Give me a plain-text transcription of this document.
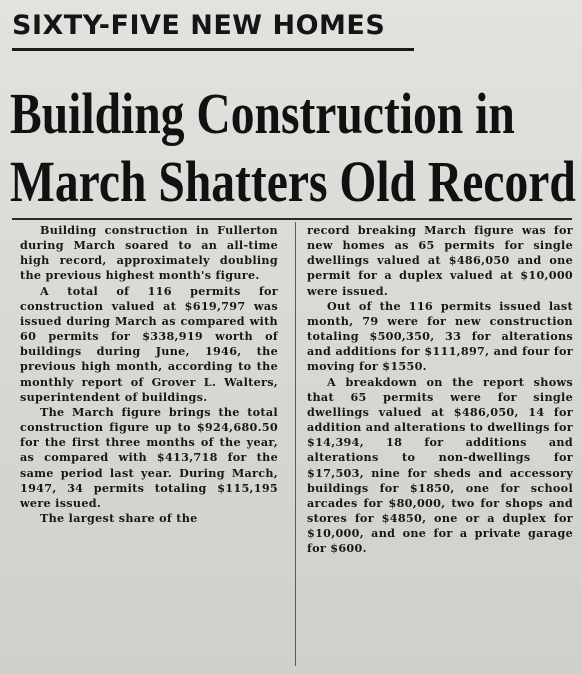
SIXTY-FIVE NEW HOMES
Building Construction in
March Shatters Old Record

Building construction in Fullerton during March soared to an all-time high record, approximately doubling the previous highest month's figure.

A total of 116 permits for construction valued at $619,797 was issued during March as compared with 60 permits for $338,919 worth of buildings during June, 1946, the previous high month, according to the monthly report of Grover L. Walters, superintendent of buildings.

The March figure brings the total construction figure up to $924,680.50 for the first three months of the year, as compared with $413,718 for the same period last year. During March, 1947, 34 permits totaling $115,195 were issued.

The largest share of the

record breaking March figure was for new homes as 65 permits for single dwellings valued at $486,050 and one permit for a duplex valued at $10,000 were issued.

Out of the 116 permits issued last month, 79 were for new construction totaling $500,350, 33 for alterations and additions for $111,897, and four for moving for $1550.

A breakdown on the report shows that 65 permits were for single dwellings valued at $486,050, 14 for addition and alterations to dwellings for $14,394, 18 for additions and alterations to non-dwellings for $17,503, nine for sheds and accessory buildings for $1850, one for school arcades for $80,000, two for shops and stores for $4850, one or a duplex for $10,000, and one for a private garage for $600.
